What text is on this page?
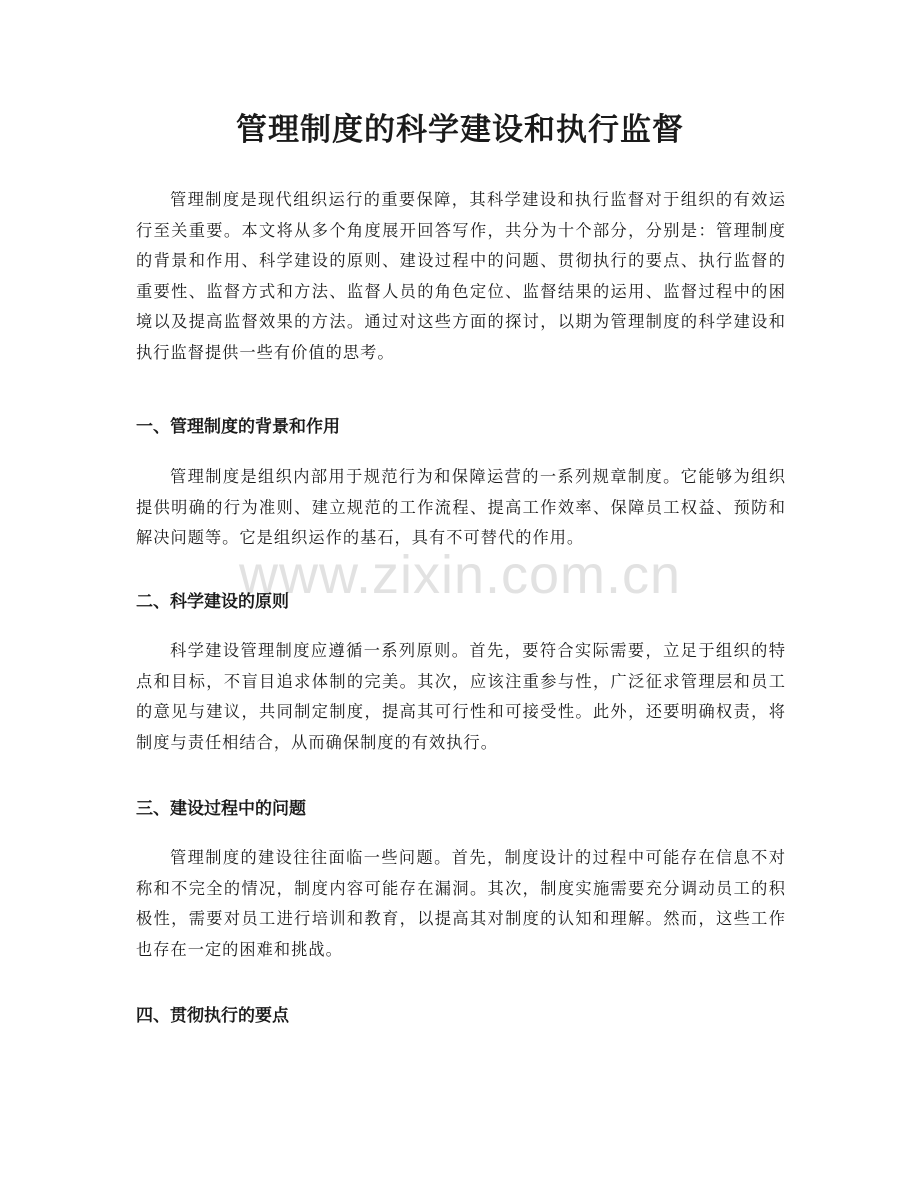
管理制度的科学建设和执行监督

管理制度是现代组织运行的重要保障，其科学建设和执行监督对于组织的有效运行至关重要。本文将从多个角度展开回答写作，共分为十个部分，分别是：管理制度的背景和作用、科学建设的原则、建设过程中的问题、贯彻执行的要点、执行监督的重要性、监督方式和方法、监督人员的角色定位、监督结果的运用、监督过程中的困境以及提高监督效果的方法。通过对这些方面的探讨，以期为管理制度的科学建设和执行监督提供一些有价值的思考。

一、管理制度的背景和作用

管理制度是组织内部用于规范行为和保障运营的一系列规章制度。它能够为组织提供明确的行为准则、建立规范的工作流程、提高工作效率、保障员工权益、预防和解决问题等。它是组织运作的基石，具有不可替代的作用。

www.zixin.com.cn
二、科学建设的原则

科学建设管理制度应遵循一系列原则。首先，要符合实际需要，立足于组织的特点和目标，不盲目追求体制的完美。其次，应该注重参与性，广泛征求管理层和员工的意见与建议，共同制定制度，提高其可行性和可接受性。此外，还要明确权责，将制度与责任相结合，从而确保制度的有效执行。

三、建设过程中的问题

管理制度的建设往往面临一些问题。首先，制度设计的过程中可能存在信息不对称和不完全的情况，制度内容可能存在漏洞。其次，制度实施需要充分调动员工的积极性，需要对员工进行培训和教育，以提高其对制度的认知和理解。然而，这些工作也存在一定的困难和挑战。

四、贯彻执行的要点
